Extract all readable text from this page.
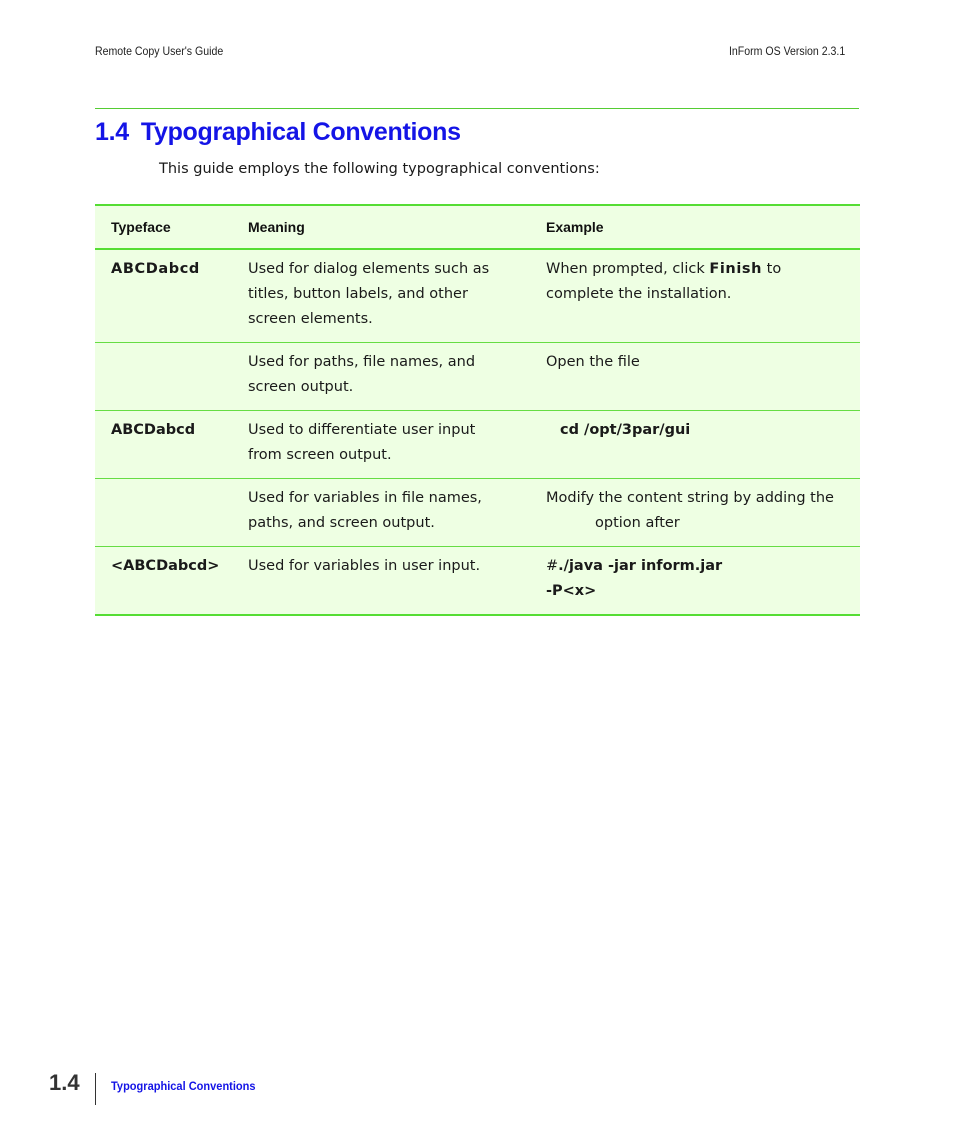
Remote Copy User's Guide	InForm OS Version 2.3.1
1.4 Typographical Conventions

This guide employs the following typographical conventions:

Typeface	Meaning	Example
ABCDabcd	Used for dialog elements such as titles, button labels, and other screen elements.	When prompted, click Finish to complete the installation.
	Used for paths, file names, and screen output.	Open the file
ABCDabcd	Used to differentiate user input from screen output.	cd /opt/3par/gui
	Used for variables in file names, paths, and screen output.	Modify the content string by adding the
option after

<ABCDabcd>	Used for variables in user input.	#./java -jar inform.jar
-P<x>
1.4	Typographical Conventions
